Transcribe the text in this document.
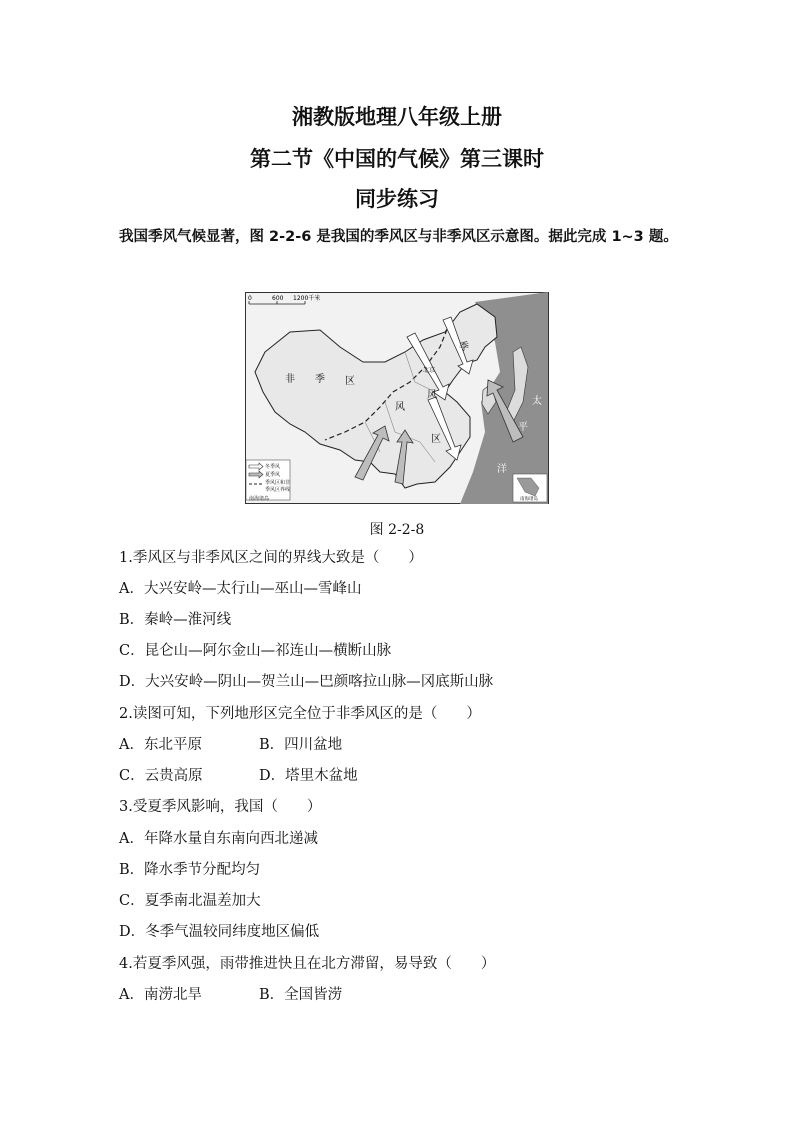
湘教版地理八年级上册
第二节《中国的气候》第三课时
同步练习
我国季风气候显著，图 2-2-6 是我国的季风区与非季风区示意图。据此完成 1~3 题。
0	600 1200千米
非 季 区
北京
风
季
区
风
太
平
洋
冬季风
夏季风
季风区和非
季风区界线
南海诸岛	南海诸岛
图 2-2-8
1.季风区与非季风区之间的界线大致是（　　）
A．大兴安岭—太行山—巫山—雪峰山
B．秦岭—淮河线
C．昆仑山—阿尔金山—祁连山—横断山脉
D．大兴安岭—阴山—贺兰山—巴颜喀拉山脉—冈底斯山脉
2.读图可知，下列地形区完全位于非季风区的是（　　）
A．东北平原	B．四川盆地
C．云贵高原	D．塔里木盆地
3.受夏季风影响，我国（　　）
A．年降水量自东南向西北递减
B．降水季节分配均匀
C．夏季南北温差加大
D．冬季气温较同纬度地区偏低
4.若夏季风强，雨带推进快且在北方滞留，易导致（　　）
A．南涝北旱	B．全国皆涝
